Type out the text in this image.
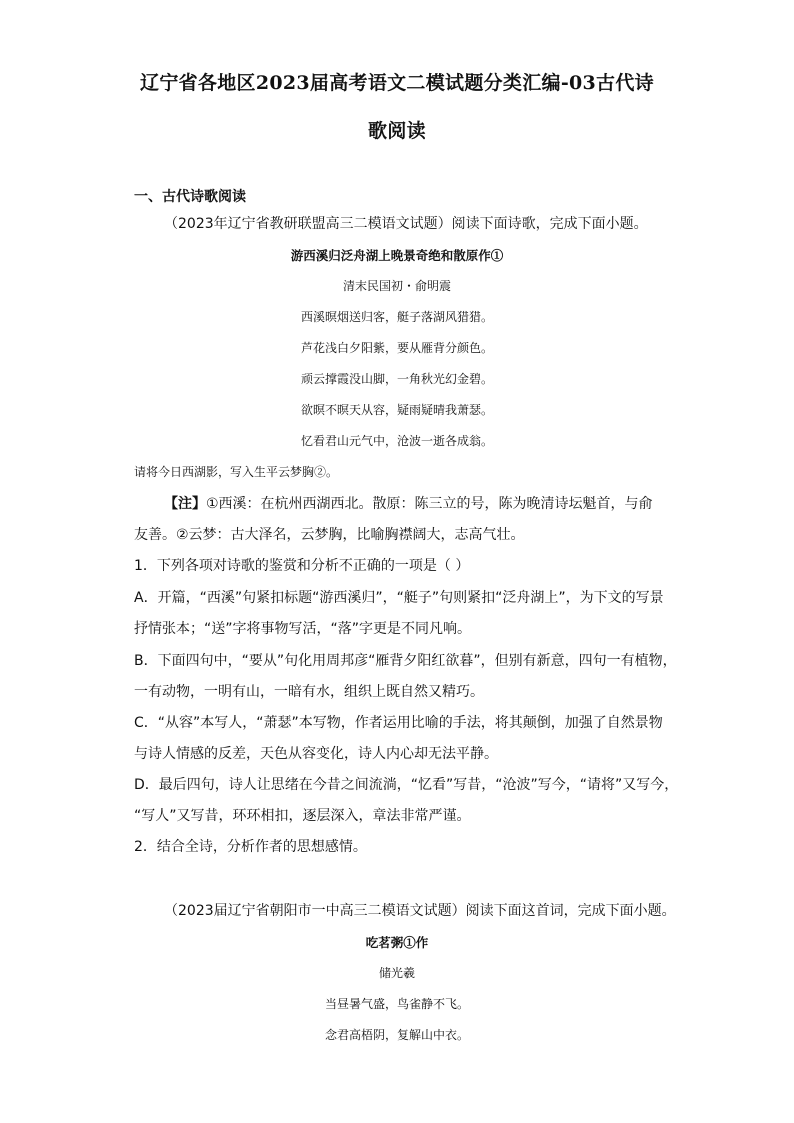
辽宁省各地区2023届高考语文二模试题分类汇编-03古代诗
歌阅读
一、古代诗歌阅读
（2023年辽宁省教研联盟高三二模语文试题）阅读下面诗歌，完成下面小题。
游西溪归泛舟湖上晚景奇绝和散原作①
清末民国初・俞明震
西溪暝烟送归客，艇子落湖风猎猎。
芦花浅白夕阳紫，要从雁背分颜色。
顽云撑霞没山脚，一角秋光幻金碧。
欲暝不暝天从容，疑雨疑晴我萧瑟。
忆看君山元气中，沧波一逝各成翁。
请将今日西湖影，写入生平云梦胸②。
【注】①西溪：在杭州西湖西北。散原：陈三立的号，陈为晚清诗坛魁首，与俞
友善。②云梦：古大泽名，云梦胸，比喻胸襟阔大，志高气壮。
1．下列各项对诗歌的鉴赏和分析不正确的一项是（ ）
A．开篇，“西溪”句紧扣标题“游西溪归”，“艇子”句则紧扣“泛舟湖上”，为下文的写景
抒情张本；“送”字将事物写活，“落”字更是不同凡响。
B．下面四句中，“要从”句化用周邦彦“雁背夕阳红欲暮”，但别有新意，四句一有植物，
一有动物，一明有山，一暗有水，组织上既自然又精巧。
C．“从容”本写人，“萧瑟”本写物，作者运用比喻的手法，将其颠倒，加强了自然景物
与诗人情感的反差，天色从容变化，诗人内心却无法平静。
D．最后四句，诗人让思绪在今昔之间流淌，“忆看”写昔，“沧波”写今，“请将”又写今，
“写人”又写昔，环环相扣，逐层深入，章法非常严谨。
2．结合全诗，分析作者的思想感情。
（2023届辽宁省朝阳市一中高三二模语文试题）阅读下面这首词，完成下面小题。
吃茗粥①作
储光羲
当昼暑气盛，鸟雀静不飞。
念君高梧阴，复解山中衣。
